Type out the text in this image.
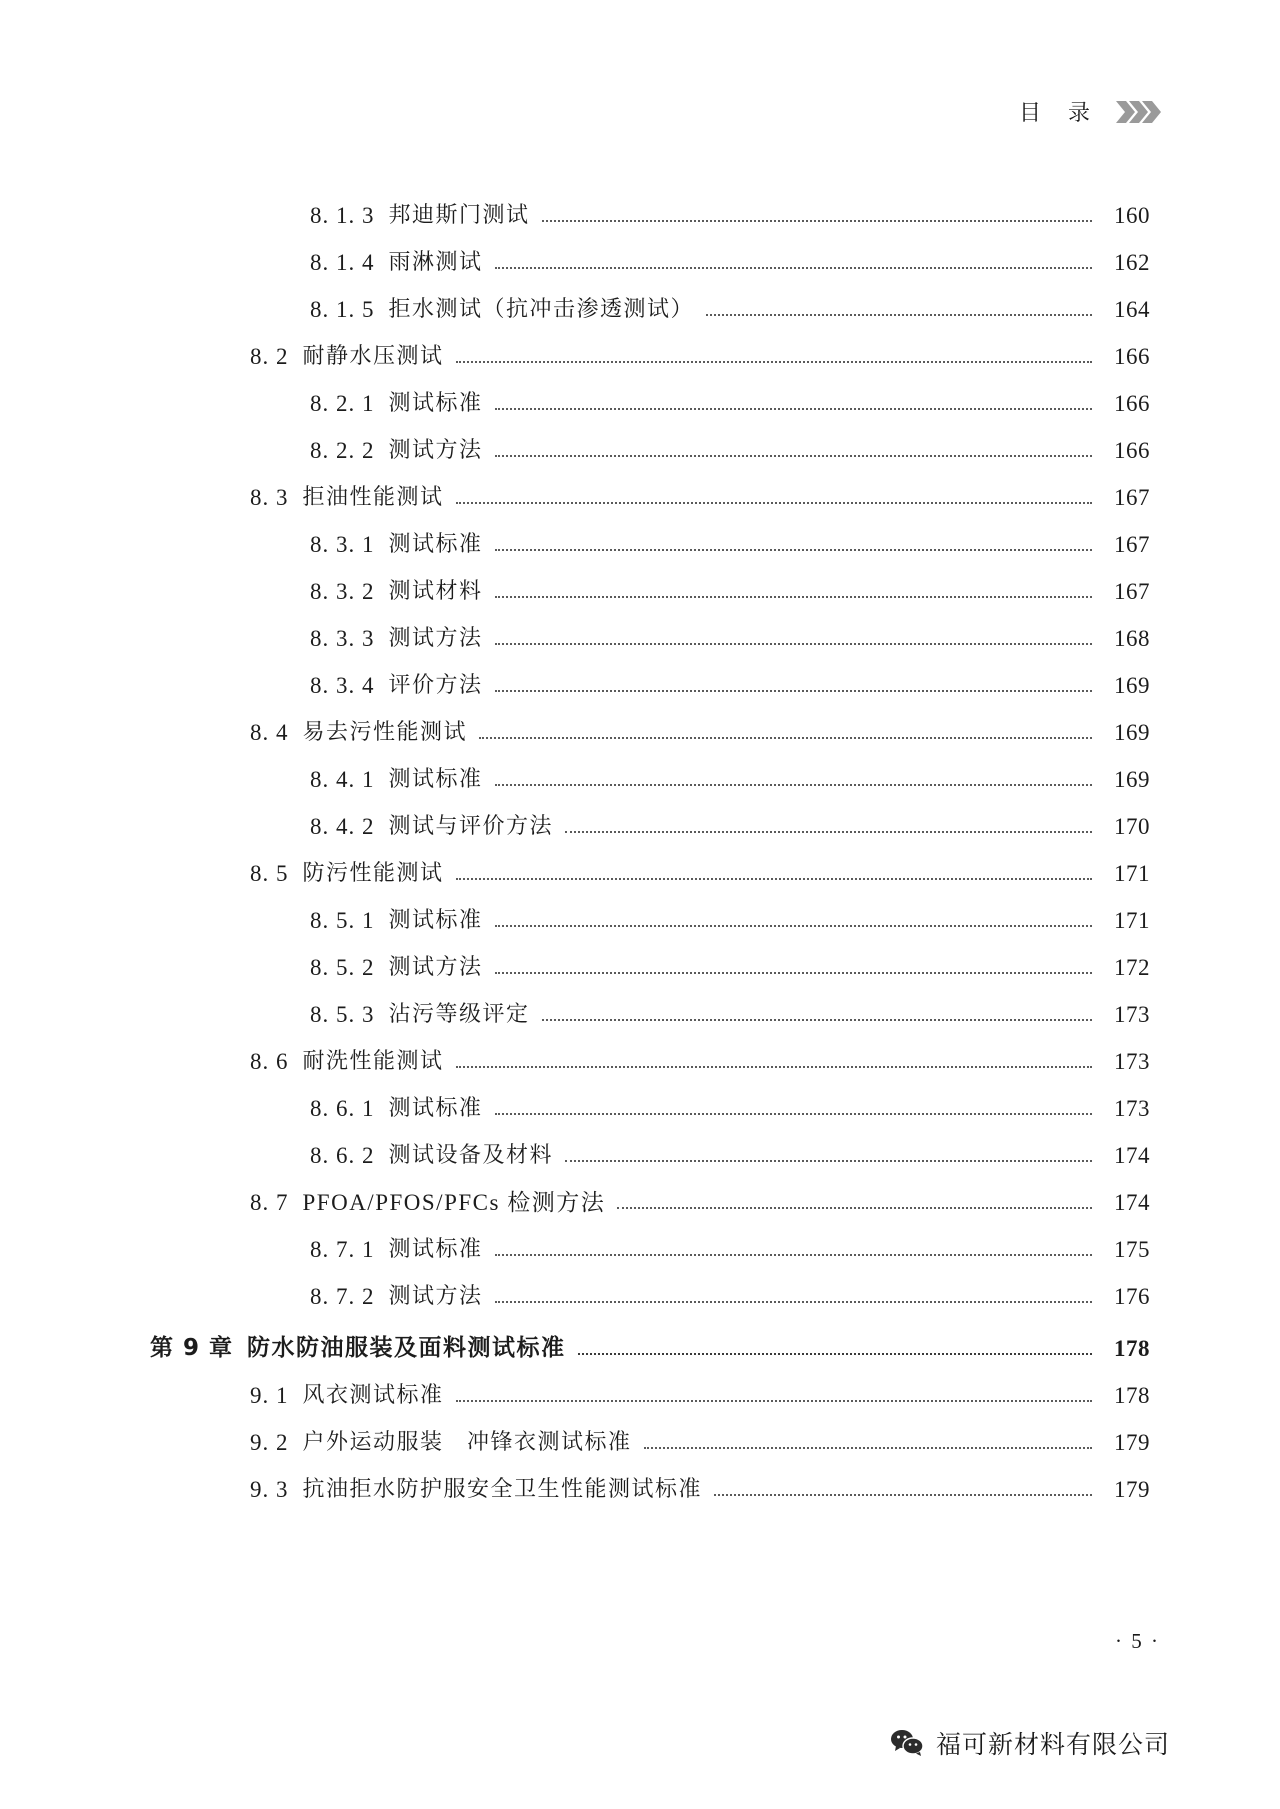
目 录
8. 1. 3 邦迪斯门测试	160
8. 1. 4 雨淋测试	162
8. 1. 5 拒水测试（抗冲击渗透测试）	164
8. 2 耐静水压测试	166
8. 2. 1 测试标准	166
8. 2. 2 测试方法	166
8. 3 拒油性能测试	167
8. 3. 1 测试标准	167
8. 3. 2 测试材料	167
8. 3. 3 测试方法	168
8. 3. 4 评价方法	169
8. 4 易去污性能测试	169
8. 4. 1 测试标准	169
8. 4. 2 测试与评价方法	170
8. 5 防污性能测试	171
8. 5. 1 测试标准	171
8. 5. 2 测试方法	172
8. 5. 3 沾污等级评定	173
8. 6 耐洗性能测试	173
8. 6. 1 测试标准	173
8. 6. 2 测试设备及材料	174
8. 7 PFOA/PFOS/PFCs 检测方法	174
8. 7. 1 测试标准	175
8. 7. 2 测试方法	176
第 9 章 防水防油服装及面料测试标准	178
9. 1 风衣测试标准	178
9. 2 户外运动服装　冲锋衣测试标准	179
9. 3 抗油拒水防护服安全卫生性能测试标准	179
· 5 ·
福可新材料有限公司
